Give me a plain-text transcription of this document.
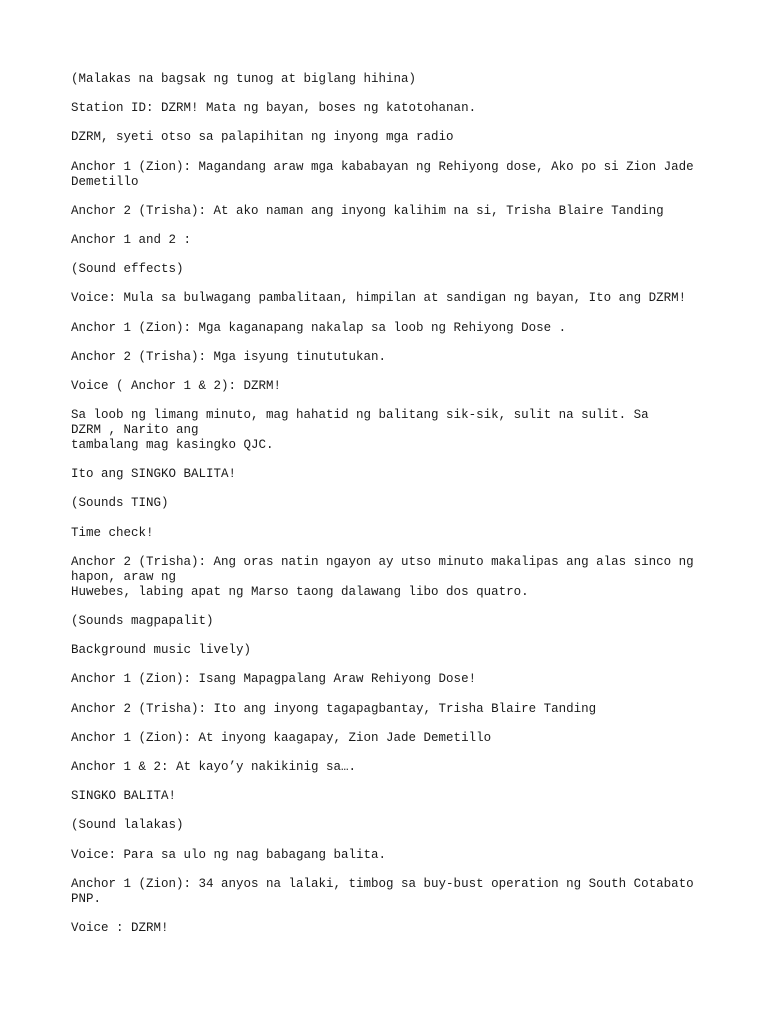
(Malakas na bagsak ng tunog at biglang hihina)

Station ID: DZRM! Mata ng bayan, boses ng katotohanan.

DZRM, syeti otso sa palapihitan ng inyong mga radio

Anchor 1 (Zion): Magandang araw mga kababayan ng Rehiyong dose, Ako po si Zion Jade
Demetillo

Anchor 2 (Trisha): At ako naman ang inyong kalihim na si, Trisha Blaire Tanding

Anchor 1 and 2 :

(Sound effects)

Voice: Mula sa bulwagang pambalitaan, himpilan at sandigan ng bayan, Ito ang DZRM!

Anchor 1 (Zion): Mga kaganapang nakalap sa loob ng Rehiyong Dose .

Anchor 2 (Trisha): Mga isyung tinututukan.

Voice ( Anchor 1 & 2): DZRM!

Sa loob ng limang minuto, mag hahatid ng balitang sik-sik, sulit na sulit. Sa
DZRM , Narito ang
tambalang mag kasingko QJC.

Ito ang SINGKO BALITA!

(Sounds TING)

Time check!

Anchor 2 (Trisha): Ang oras natin ngayon ay utso minuto makalipas ang alas sinco ng
hapon, araw ng
Huwebes, labing apat ng Marso taong dalawang libo dos quatro.

(Sounds magpapalit)

Background music lively)

Anchor 1 (Zion): Isang Mapagpalang Araw Rehiyong Dose!

Anchor 2 (Trisha): Ito ang inyong tagapagbantay, Trisha Blaire Tanding

Anchor 1 (Zion): At inyong kaagapay, Zion Jade Demetillo

Anchor 1 & 2: At kayo’y nakikinig sa….

SINGKO BALITA!

(Sound lalakas)

Voice: Para sa ulo ng nag babagang balita.

Anchor 1 (Zion): 34 anyos na lalaki, timbog sa buy-bust operation ng South Cotabato
PNP.

Voice : DZRM!
